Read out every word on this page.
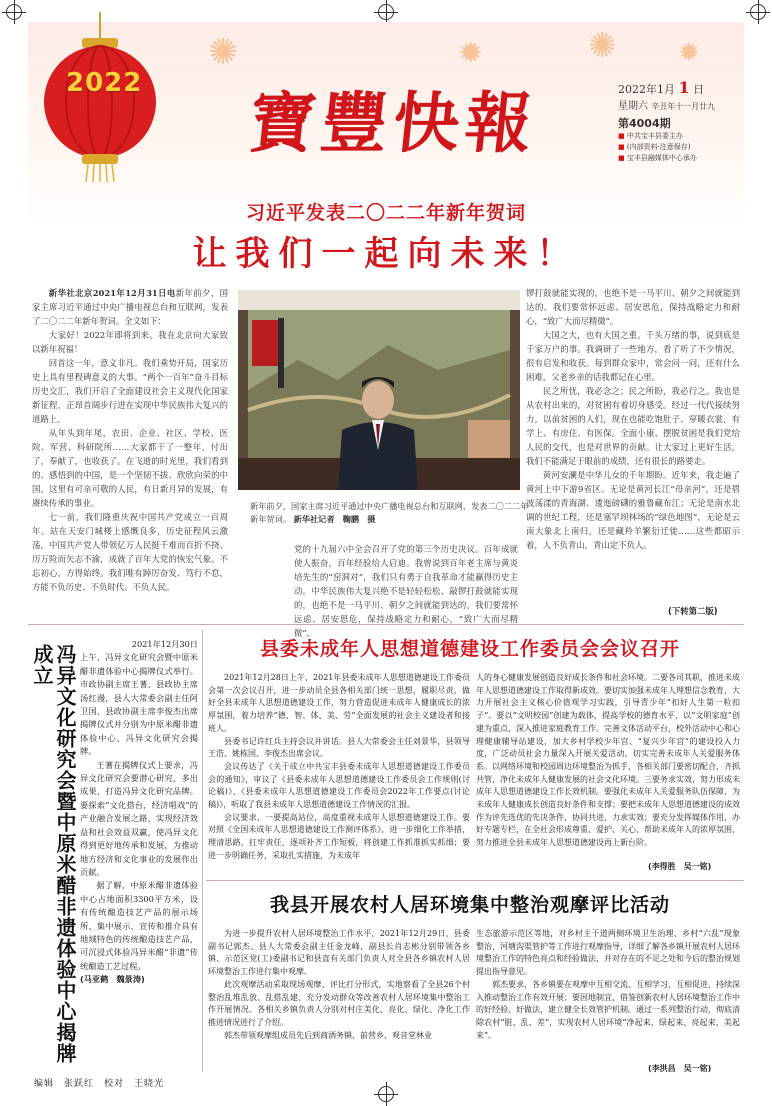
2022
✺	✹	✺ ✹
寶豐快報	2022年1月 1 日
星期六 辛丑年十一月廿九
第4004期
■ 中共宝丰县委主办
■ (内部资料·注意保存)
■ 宝丰县融媒体中心承办
习近平发表二〇二二年新年贺词
让我们一起向未来！

新华社北京2021年12月31日电新年前夕，国家主席习近平通过中央广播电视总台和互联网，发表了二〇二二年新年贺词。全文如下：

大家好！2022年即将到来。我在北京向大家致以新年祝福！

回首这一年，意义非凡。我们乘势开局，国家历史上具有里程碑意义的大事。“两个一百年”奋斗目标历史交汇，我们开启了全面建设社会主义现代化国家新征程，正昂首阔步行进在实现中华民族伟大复兴的道路上。

从年头到年尾，农田、企业、社区、学校、医院、军营、科研院所……大家都干了一整年，付出了，奉献了，也收获了。在飞逝的时光里，我们看到的、感悟到的中国，是一个坚韧不拔、欣欣向荣的中国。这里有可亲可敬的人民，有日新月异的发展，有赓续传承的事业。

七一前，我们隆重庆祝中国共产党成立一百周年。站在天安门城楼上感慨良多，历史征程风云激荡，中国共产党人带领亿万人民挺千难而百折不挠、历万险而矢志不渝，成就了百年大党的恢宏气象。不忘初心，方得始终。我们唯有踔厉奋发、笃行不怠，方能不负历史、不负时代、不负人民。

新年前夕，国家主席习近平通过中央广播电视总台和互联网，发表二〇二二年新年贺词。 新华社记者　鞠鹏　摄

党的十九届六中全会召开了党的第三个历史决议。百年成就使人振奋，百年经验给人启迪。我曾说到百年老主席与黄炎培先生的“窑洞对”，我们只有勇于自我革命才能赢得历史主动。中华民族伟大复兴绝不是轻轻松松、敲锣打鼓就能实现的，也绝不是一马平川、朝夕之间就能到达的。我们要常怀远虑、居安思危，保持战略定力和耐心，“致广大而尽精微”。

锣打鼓就能实现的，也绝不是一马平川、朝夕之间就能到达的。我们要常怀远虑、居安思危，保持战略定力和耐心，“致广大而尽精微”。

大国之大，也有大国之重。千头万绪的事，说到底是千家万户的事。我调研了一些地方，看了听了不少情况，很有启发和收获。每到群众家中，常会问一问，还有什么困难，父老乡亲的话我都记在心里。

民之所忧，我必念之；民之所盼，我必行之。我也是从农村出来的，对贫困有着切身感受。经过一代代接续努力，以前贫困的人们，现在也能吃饱肚子、穿暖衣裳，有学上、有房住、有医保。全面小康、摆脱贫困是我们党给人民的交代，也是对世界的贡献。让大家过上更好生活，我们不能满足于眼前的成绩，还有很长的路要走。

黄河安澜是中华儿女的千年期盼。近年来，我走遍了黄河上中下游9省区。无论是黄河长江“母亲河”，还是碧波荡漾的青海湖、逶迤磅礴的雅鲁藏布江；无论是南水北调的世纪工程，还是塞罕坝林场的“绿色地图”，无论是云南大象北上南归，还是藏羚羊繁衍迁徙……这些都昭示着，人不负青山，青山定不负人。

(下转第二版)
冯异文化研究会暨中原米醋非遗体验中心揭牌成立	2021年12月30日

上午，冯异文化研究会暨中原米醋非遗体验中心揭牌仪式举行。市政协副主席王蓍、县政协主席汤红漫，县人大常委会副主任阿卫国、县政协副主席李俊杰出席揭牌仪式并分别为中原米醋非遗体验中心、冯异文化研究会揭牌。

王蓍在揭牌仪式上要求，冯异文化研究会要潜心研究，多出成果，打造冯异文化研究品牌。要探索“文化搭台，经济唱戏”的产业融合发展之路，实现经济效益和社会效益双赢，使冯异文化得到更好地传承和发展，为推动地方经济和文化事业的发展作出贡献。

据了解，中原米醋非遗体验中心占地面积3300平方米，设有传统酿造技艺产品的展示场所、集中展示、宣传和推介具有地域特色的传统酿造技艺产品，可沉浸式体验冯异米醋“非遗”传统酿造工艺过程。

(马亚鹤　魏景涛)

县委未成年人思想道德建设工作委员会会议召开

2021年12月28日上午，2021年县委未成年人思想道德建设工作委员会第一次会议召开，进一步动员全县各相关部门统一思想，履职尽责，做好全县未成年人思想道德建设工作，努力营造促进未成年人健康成长的浓厚氛围，着力培养“德、智、体、美、劳”全面发展的社会主义建设者和接班人。

县委书记许红兵主持会议并讲话。县人大常委会主任刘景华，县领导王浩、姚栋国、李俊杰出席会议。

会议传达了《关于成立中共宝丰县委未成年人思想道德建设工作委员会的通知》，审议了《县委未成年人思想道德建设工作委员会工作规则(讨论稿)》、《县委未成年人思想道德建设工作委员会2022年工作要点(讨论稿)》，听取了我县未成年人思想道德建设工作情况的汇报。

会议要求，一要提高站位，高度重视未成年人思想道德建设工作。要对照《全国未成年人思想道德建设工作测评体系》，进一步细化工作举措，理清思路，扛牢责任，逐项补齐工作短板，将创建工作抓准抓实抓细；要进一步明确任务，采取扎实措施，为未成年

人的身心健康发展创造良好成长条件和社会环境。二要各司其职，推进未成年人思想道德建设工作取得新成效。要切实加强未成年人理想信念教育，大力开展社会主义核心价值观学习实践，引导青少年“扣好人生第一粒扣子”。要以“文明校园”创建为载体，提高学校的德育水平，以“文明家庭”创建为重点，深入推进家庭教育工作。完善文体活动平台，校外活动中心和心理健康辅导站建设，加大乡村学校少年宫、“复兴少年宫”的建设投入力度，广泛动员社会力量深入开展关爱活动，切实完善未成年人关爱服务体系。以网络环境和校园周边环境整治为抓手，各相关部门要密切配合，齐抓共管，净化未成年人健康发展的社会文化环境。三要务求实效，努力形成未成年人思想道德建设工作长效机制。要强化未成年人关爱服务队伍保障，为未成年人健康成长创造良好条件和支撑；要把未成年人思想道德建设的成效作为评先选优的先决条件，协同共进，力求实效；要充分发挥媒体作用，办好专题专栏，在全社会形成尊重、爱护、关心、帮助未成年人的浓厚氛围，努力推进全县未成年人思想道德建设再上新台阶。

(李得胜　吴一铭)
我县开展农村人居环境集中整治观摩评比活动

为进一步提升农村人居环境整治工作水平，2021年12月29日，县委副书记郭杰、县人大常委会副主任金龙峰，副县长肖志彬分别带领各乡镇、示范区党(工)委副书记和县直有关部门负责人对全县各乡镇农村人居环境整治工作进行集中观摩。

此次观摩活动采取现场观摩、评比打分形式，实地察看了全县26个村整治乱堆乱放、乱搭乱建、充分发动群众等改善农村人居环境集中整治工作开展情况。各相关乡镇负责人分别对村庄美化、亮化、绿化、净化工作推进情况进行了介绍。

郭杰带领观摩组成员先后到商酒务镇、前营乡、观音堂林业

生态旅游示范区等地，对乡村主干道两侧环境卫生治理、乡村“六乱”现象整治、河塘沟渠管护等工作进行观摩指导，详细了解各乡镇开展农村人居环境整治工作的特色亮点和经验做法，并对存在的不足之处和今后的整治规划提出指导意见。

郭杰要求，各乡镇要在观摩中互相交流、互相学习，互相促进，持续深入推动整治工作有效开展；要因地制宜，借鉴创新农村人居环境整治工作中的好经验、好做法，建立健全长效管护机制。通过一系列整治行动，彻底清除农村“脏、乱、差”，实现农村人居环境“净起来、绿起来、亮起来、美起来”。

(李洪昌　吴一铭)
编辑　张跃红　校对　王晓光
